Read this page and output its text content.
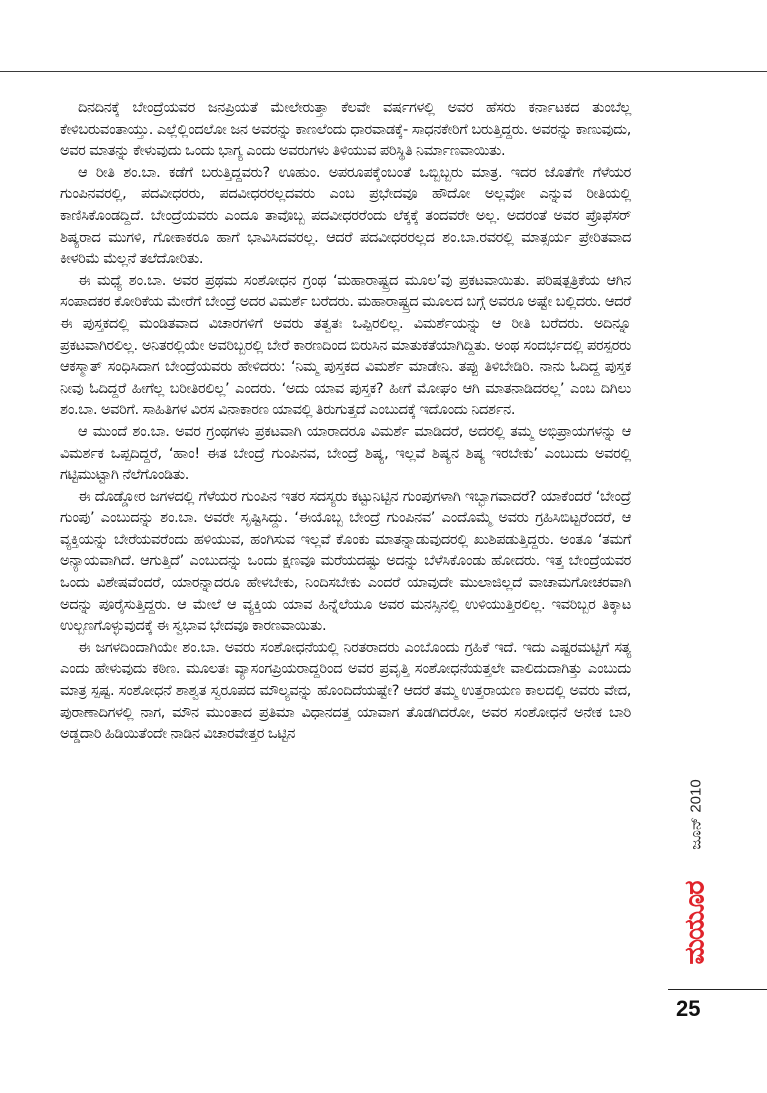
ದಿನದಿನಕ್ಕೆ ಬೇಂದ್ರೆಯವರ ಜನಪ್ರಿಯತೆ ಮೇಲೇರುತ್ತಾ ಕೆಲವೇ ವರ್ಷಗಳಲ್ಲಿ ಅವರ ಹೆಸರು ಕರ್ನಾಟಕದ ತುಂಬೆಲ್ಲ ಕೇಳಿಬರುವಂತಾಯ್ತು. ಎಲ್ಲೆಲ್ಲಿಂದಲೋ ಜನ ಅವರನ್ನು ಕಾಣಲೆಂದು ಧಾರವಾಡಕ್ಕೆ- ಸಾಧನಕೇರಿಗೆ ಬರುತ್ತಿದ್ದರು. ಅವರನ್ನು ಕಾಣುವುದು, ಅವರ ಮಾತನ್ನು ಕೇಳುವುದು ಒಂದು ಭಾಗ್ಯ ಎಂದು ಅವರುಗಳು ತಿಳಿಯುವ ಪರಿಸ್ಥಿತಿ ನಿರ್ಮಾಣವಾಯಿತು.

ಆ ರೀತಿ ಶಂ.ಬಾ. ಕಡೆಗೆ ಬರುತ್ತಿದ್ದವರು? ಊಹುಂ. ಅಪರೂಪಕ್ಕೆಂಬಂತೆ ಒಬ್ಬಿಬ್ಬರು ಮಾತ್ರ. ಇದರ ಜೊತೆಗೇ ಗೆಳೆಯರ ಗುಂಪಿನವರಲ್ಲಿ, ಪದವೀಧರರು, ಪದವೀಧರರಲ್ಲದವರು ಎಂಬ ಪ್ರಭೇದವೂ ಹೌದೋ ಅಲ್ಲವೋ ಎನ್ನುವ ರೀತಿಯಲ್ಲಿ ಕಾಣಿಸಿಕೊಂಡದ್ದಿದೆ. ಬೇಂದ್ರೆಯವರು ಎಂದೂ ತಾವೊಬ್ಬ ಪದವೀಧರರೆಂದು ಲೆಕ್ಕಕ್ಕೆ ತಂದವರೇ ಅಲ್ಲ. ಅದರಂತೆ ಅವರ ಪ್ರೊಫೆಸರ್ ಶಿಷ್ಯರಾದ ಮುಗಳಿ, ಗೋಕಾಕರೂ ಹಾಗೆ ಭಾವಿಸಿದವರಲ್ಲ. ಆದರೆ ಪದವೀಧರರಲ್ಲದ ಶಂ.ಬಾ.ರವರಲ್ಲಿ ಮಾತ್ಸರ್ಯ ಪ್ರೇರಿತವಾದ ಕೀಳರಿಮೆ ಮೆಲ್ಲನೆ ತಲೆದೋರಿತು.

ಈ ಮಧ್ಯೆ ಶಂ.ಬಾ. ಅವರ ಪ್ರಥಮ ಸಂಶೋಧನ ಗ್ರಂಥ ‘ಮಹಾರಾಷ್ಟ್ರದ ಮೂಲ’ವು ಪ್ರಕಟವಾಯಿತು. ಪರಿಷತ್ಪತ್ರಿಕೆಯ ಆಗಿನ ಸಂಪಾದಕರ ಕೋರಿಕೆಯ ಮೇರೆಗೆ ಬೇಂದ್ರೆ ಅದರ ವಿಮರ್ಶೆ ಬರೆದರು. ಮಹಾರಾಷ್ಟ್ರದ ಮೂಲದ ಬಗ್ಗೆ ಅವರೂ ಅಷ್ಟೇ ಬಲ್ಲಿದರು. ಆದರೆ ಈ ಪುಸ್ತಕದಲ್ಲಿ ಮಂಡಿತವಾದ ವಿಚಾರಗಳಿಗೆ ಅವರು ತತ್ವತಃ ಒಪ್ಪಿರಲಿಲ್ಲ. ವಿಮರ್ಶೆಯನ್ನು ಆ ರೀತಿ ಬರೆದರು. ಅದಿನ್ನೂ ಪ್ರಕಟವಾಗಿರಲಿಲ್ಲ. ಅನಿತರಲ್ಲಿಯೇ ಅವರಿಬ್ಬರಲ್ಲಿ ಬೇರೆ ಕಾರಣದಿಂದ ಬಿರುಸಿನ ಮಾತುಕತೆಯಾಗಿದ್ದಿತು. ಅಂಥ ಸಂದರ್ಭದಲ್ಲಿ ಪರಸ್ಪರರು ಆಕಸ್ಮಾತ್ ಸಂಧಿಸಿದಾಗ ಬೇಂದ್ರೆಯವರು ಹೇಳಿದರು: ‘ನಿಮ್ಮ ಪುಸ್ತಕದ ವಿಮರ್ಶೆ ಮಾಡೇನಿ. ತಪ್ಪು ತಿಳಿಬೇಡಿರಿ. ನಾನು ಓದಿದ್ದ ಪುಸ್ತಕ ನೀವು ಓದಿದ್ದರೆ ಹೀಗೆಲ್ಲ ಬರೀತಿರಲಿಲ್ಲ’ ಎಂದರು. ‘ಅದು ಯಾವ ಪುಸ್ತಕ? ಹೀಗೆ ಮೋಘಂ ಆಗಿ ಮಾತನಾಡಿದರಲ್ಲ’ ಎಂಬ ದಿಗಿಲು ಶಂ.ಬಾ. ಅವರಿಗೆ. ಸಾಹಿತಿಗಳ ವಿರಸ ವಿನಾಕಾರಣ ಯಾವಲ್ಲಿ ತಿರುಗುತ್ತದೆ ಎಂಬುದಕ್ಕೆ ಇದೊಂದು ನಿದರ್ಶನ.

ಆ ಮುಂದೆ ಶಂ.ಬಾ. ಅವರ ಗ್ರಂಥಗಳು ಪ್ರಕಟವಾಗಿ ಯಾರಾದರೂ ವಿಮರ್ಶೆ ಮಾಡಿದರೆ, ಅದರಲ್ಲಿ ತಮ್ಮ ಅಭಿಪ್ರಾಯಗಳನ್ನು ಆ ವಿಮರ್ಶಕ ಒಪ್ಪದಿದ್ದರೆ, ‘ಹಾಂ! ಈತ ಬೇಂದ್ರೆ ಗುಂಪಿನವ, ಬೇಂದ್ರೆ ಶಿಷ್ಯ, ಇಲ್ಲವೆ ಶಿಷ್ಯನ ಶಿಷ್ಯ ಇರಬೇಕು’ ಎಂಬುದು ಅವರಲ್ಲಿ ಗಟ್ಟಿಮುಟ್ಟಾಗಿ ನೆಲೆಗೊಂಡಿತು.

ಈ ದೊಡ್ಡೋರ ಜಗಳದಲ್ಲಿ ಗೆಳೆಯರ ಗುಂಪಿನ ಇತರ ಸದಸ್ಯರು ಕಟ್ಟುನಿಟ್ಟಿನ ಗುಂಪುಗಳಾಗಿ ಇಬ್ಭಾಗವಾದರೆ? ಯಾಕೆಂದರೆ ‘ಬೇಂದ್ರೆ ಗುಂಪು’ ಎಂಬುದನ್ನು ಶಂ.ಬಾ. ಅವರೇ ಸೃಷ್ಟಿಸಿದ್ದು. ‘ಈಯೊಬ್ಬ ಬೇಂದ್ರೆ ಗುಂಪಿನವ’ ಎಂದೊಮ್ಮೆ ಅವರು ಗ್ರಹಿಸಿಬಿಟ್ಟರೆಂದರೆ, ಆ ವ್ಯಕ್ತಿಯನ್ನು ಬೇರೆಯವರೆಂದು ಹಳಿಯುವ, ಹಂಗಿಸುವ ಇಲ್ಲವೆ ಕೊಂಕು ಮಾತನ್ನಾಡುವುದರಲ್ಲಿ ಖುಶಿಪಡುತ್ತಿದ್ದರು. ಅಂತೂ ‘ತಮಗೆ ಅನ್ಯಾಯವಾಗಿದೆ. ಆಗುತ್ತಿದೆ’ ಎಂಬುದನ್ನು ಒಂದು ಕ್ಷಣವೂ ಮರೆಯದಷ್ಟು ಅದನ್ನು ಬೆಳೆಸಿಕೊಂಡು ಹೋದರು. ಇತ್ತ ಬೇಂದ್ರೆಯವರ ಒಂದು ವಿಶೇಷವೆಂದರೆ, ಯಾರನ್ನಾದರೂ ಹೇಳಬೇಕು, ನಿಂದಿಸಬೇಕು ಎಂದರೆ ಯಾವುದೇ ಮುಲಾಜಿಲ್ಲದೆ ವಾಚಾಮಗೋಚರವಾಗಿ ಅದನ್ನು ಪೂರೈಸುತ್ತಿದ್ದರು. ಆ ಮೇಲೆ ಆ ವ್ಯಕ್ತಿಯ ಯಾವ ಹಿನ್ನೆಲೆಯೂ ಅವರ ಮನಸ್ಸಿನಲ್ಲಿ ಉಳಿಯುತ್ತಿರಲಿಲ್ಲ. ಇವರಿಬ್ಬರ ತಿಕ್ಕಾಟ ಉಲ್ಬಣಗೊಳ್ಳುವುದಕ್ಕೆ ಈ ಸ್ವಭಾವ ಭೇದವೂ ಕಾರಣವಾಯಿತು.

ಈ ಜಗಳದಿಂದಾಗಿಯೇ ಶಂ.ಬಾ. ಅವರು ಸಂಶೋಧನೆಯಲ್ಲಿ ನಿರತರಾದರು ಎಂಬೊಂದು ಗ್ರಹಿಕೆ ಇದೆ. ಇದು ಎಷ್ಟರಮಟ್ಟಿಗೆ ಸತ್ಯ ಎಂದು ಹೇಳುವುದು ಕಠಿಣ. ಮೂಲತಃ ವ್ಯಾಸಂಗಪ್ರಿಯರಾದ್ದರಿಂದ ಅವರ ಪ್ರವೃತ್ತಿ ಸಂಶೋಧನೆಯತ್ತಲೇ ವಾಲಿದುದಾಗಿತ್ತು ಎಂಬುದು ಮಾತ್ರ ಸ್ಪಷ್ಟ. ಸಂಶೋಧನೆ ಶಾಶ್ವತ ಸ್ವರೂಪದ ಮೌಲ್ಯವನ್ನು ಹೊಂದಿದೆಯಷ್ಟೇ? ಆದರೆ ತಮ್ಮ ಉತ್ತರಾಯಣ ಕಾಲದಲ್ಲಿ ಅವರು ವೇದ, ಪುರಾಣಾದಿಗಳಲ್ಲಿ ನಾಗ, ಮೌನ ಮುಂತಾದ ಪ್ರತಿಮಾ ವಿಧಾನದತ್ತ ಯಾವಾಗ ತೊಡಗಿದರೋ, ಅವರ ಸಂಶೋಧನೆ ಅನೇಕ ಬಾರಿ ಅಡ್ಡದಾರಿ ಹಿಡಿಯಿತೆಂದೇ ನಾಡಿನ ವಿಚಾರವೇತ್ತರ ಒಟ್ಟಿನ

ಜೂನ್ 2010
ಮಯೂರ
25
